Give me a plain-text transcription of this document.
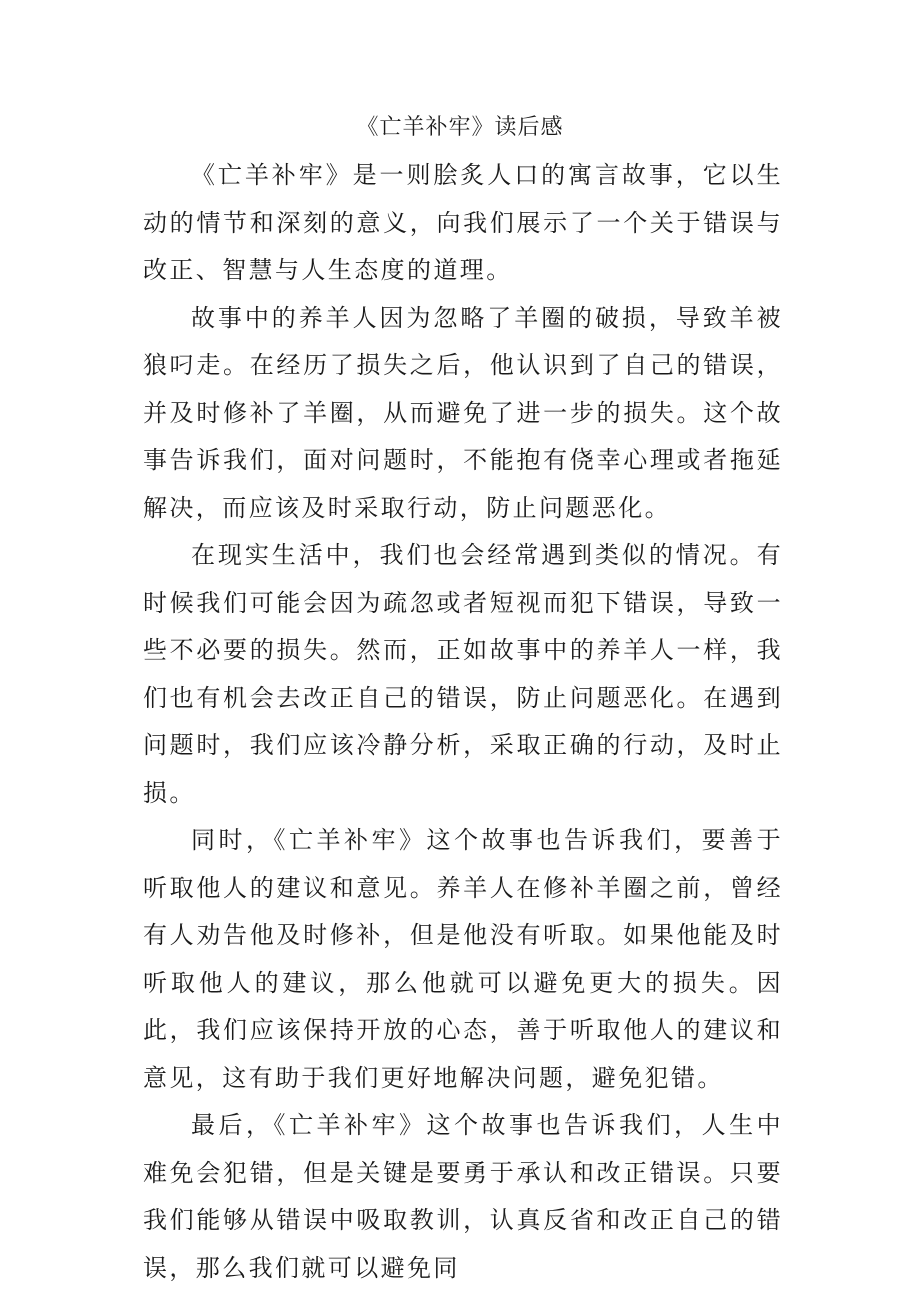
《亡羊补牢》读后感

《亡羊补牢》是一则脍炙人口的寓言故事，它以生动的情节和深刻的意义，向我们展示了一个关于错误与改正、智慧与人生态度的道理。

故事中的养羊人因为忽略了羊圈的破损，导致羊被狼叼走。在经历了损失之后，他认识到了自己的错误，并及时修补了羊圈，从而避免了进一步的损失。这个故事告诉我们，面对问题时，不能抱有侥幸心理或者拖延解决，而应该及时采取行动，防止问题恶化。

在现实生活中，我们也会经常遇到类似的情况。有时候我们可能会因为疏忽或者短视而犯下错误，导致一些不必要的损失。然而，正如故事中的养羊人一样，我们也有机会去改正自己的错误，防止问题恶化。在遇到问题时，我们应该冷静分析，采取正确的行动，及时止损。

同时，《亡羊补牢》这个故事也告诉我们，要善于听取他人的建议和意见。养羊人在修补羊圈之前，曾经有人劝告他及时修补，但是他没有听取。如果他能及时听取他人的建议，那么他就可以避免更大的损失。因此，我们应该保持开放的心态，善于听取他人的建议和意见，这有助于我们更好地解决问题，避免犯错。

最后，《亡羊补牢》这个故事也告诉我们，人生中难免会犯错，但是关键是要勇于承认和改正错误。只要我们能够从错误中吸取教训，认真反省和改正自己的错误，那么我们就可以避免同
